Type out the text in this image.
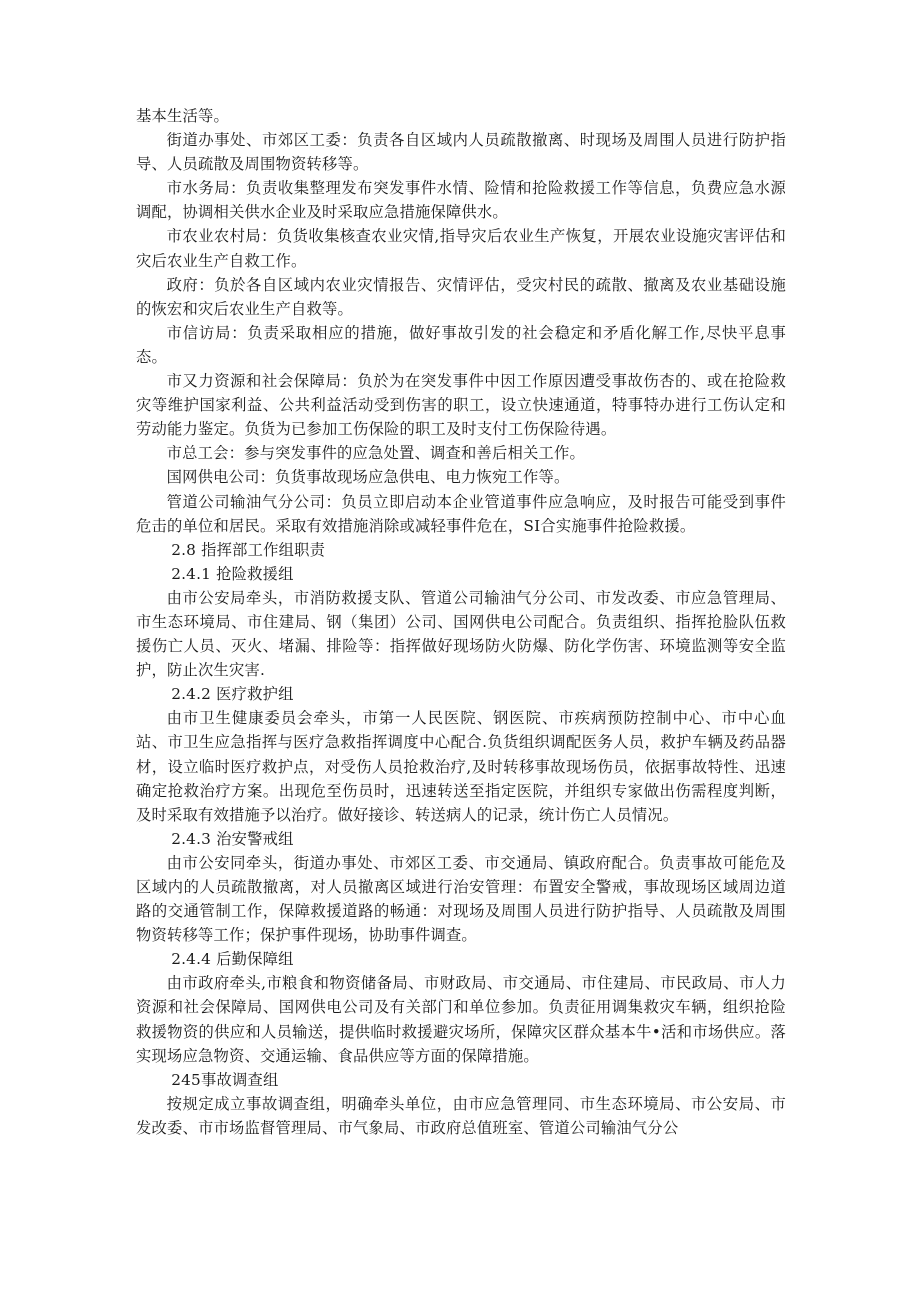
基本生活等。

街道办事处、市郊区工委：负责各自区域内人员疏散撤离、时现场及周围人员进行防护指导、人员疏散及周围物资转移等。

市水务局：负责收集整理发布突发事件水情、险情和抢险救援工作等信息，负费应急水源调配，协调相关供水企业及时采取应急措施保障供水。

市农业农村局：负货收集核查农业灾情,指导灾后农业生产恢复，开展农业设施灾害评估和灾后农业生产自救工作。

政府：负於各自区域内农业灾情报告、灾情评估，受灾村民的疏散、撤离及农业基础设施的恢宏和灾后农业生产自救等。

市信访局：负责采取相应的措施，做好事故引发的社会稳定和矛盾化解工作,尽快平息事态。

市又力资源和社会保障局：负於为在突发事件中因工作原因遭受事故伤杏的、或在抢险救灾等维护国家利益、公共利益活动受到伤害的职工，设立快速通道，特事特办进行工伤认定和劳动能力鉴定。负货为已参加工伤保险的职工及时支付工伤保险待遇。

市总工会：参与突发事件的应急处置、调查和善后相关工作。

国网供电公司：负货事故现场应急供电、电力恢宛工作等。

管道公司输油气分公司：负员立即启动本企业管道事件应急响应，及时报告可能受到事件危击的单位和居民。采取有效措施消除或减轻事件危在，SI合实施事件抢险救援。

2.8 指挥部工作组职责

2.4.1 抢险救援组

由市公安局牵头，市消防救援支队、管道公司输油气分公司、市发改委、市应急管理局、市生态环境局、市住建局、钢（集团）公司、国网供电公司配合。负责组织、指挥抢脸队伍救援伤亡人员、灭火、堵漏、排险等：指挥做好现场防火防爆、防化学伤害、环境监测等安全监护，防止次生灾害.

2.4.2 医疗救护组

由市卫生健康委员会牵头，市第一人民医院、钢医院、市疾病预防控制中心、市中心血站、市卫生应急指挥与医疗急救指挥调度中心配合.负货组织调配医务人员，救护车辆及药品器材，设立临时医疗救护点，对受伤人员抢救治疗,及时转移事故现场伤员，依据事故特性、迅速确定抢救治疗方案。出现危至伤员时，迅速转送至指定医院，并组织专家做出伤需程度判断，及时采取有效措施予以治疗。做好接诊、转送病人的记录，统计伤亡人员情况。

2.4.3 治安警戒组

由市公安同牵头，街道办事处、市郊区工委、市交通局、镇政府配合。负责事故可能危及区域内的人员疏散撤离，对人员撤离区域进行治安管理：布置安全警戒，事故现场区域周边道路的交通管制工作，保障救援道路的畅通：对现场及周围人员进行防护指导、人员疏散及周围物资转移等工作；保护事件现场，协助事件调查。

2.4.4 后勤保障组

由市政府牵头,市粮食和物资储备局、市财政局、市交通局、市住建局、市民政局、市人力资源和社会保障局、国网供电公司及有关部门和单位参加。负责征用调集救灾车辆，组织抢险救援物资的供应和人员输送，提供临时救援避灾场所，保障灾区群众基本牛•活和市场供应。落实现场应急物资、交通运输、食品供应等方面的保障措施。

245事故调查组

按规定成立事故调查组，明确牵头单位，由市应急管理同、市生态环境局、市公安局、市发改委、市市场监督管理局、市气象局、市政府总值班室、管道公司输油气分公
